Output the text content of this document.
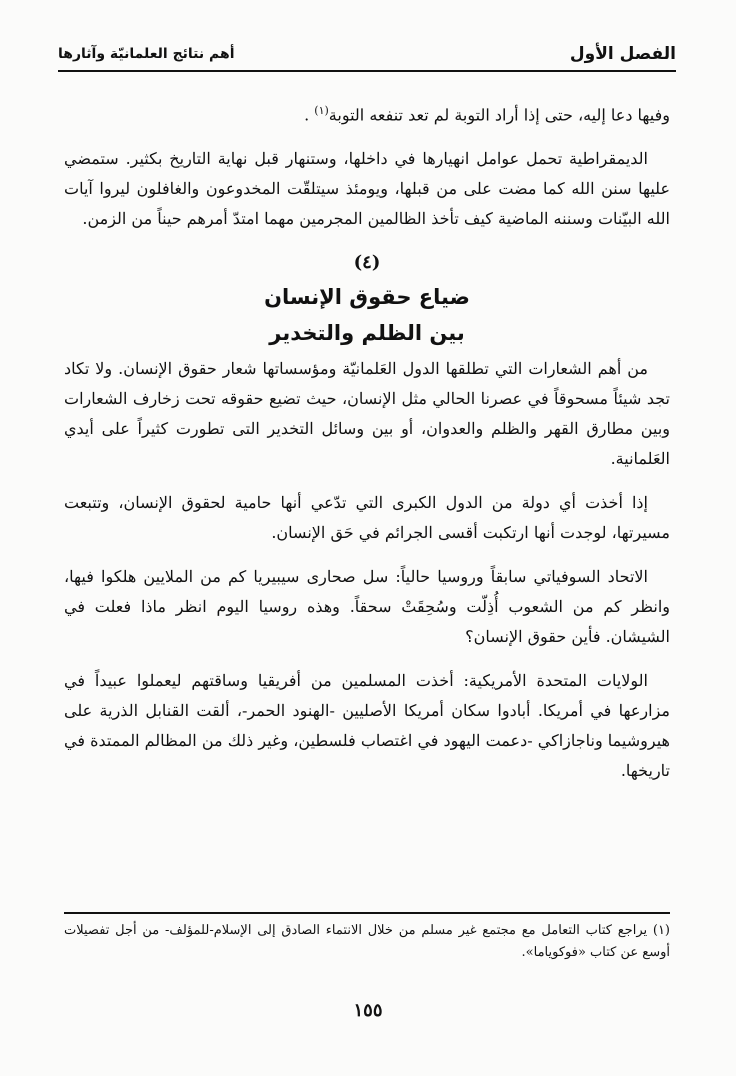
الفصل الأول
أهم نتائج العلمانيّة وآثارها

وفيها دعا إليه، حتى إذا أراد التوبة لم تعد تنفعه التوبة$^{(١)}$ .

الديمقراطية تحمل عوامل انهيارها في داخلها، وستنهار قبل نهاية التاريخ بكثير. ستمضي عليها سنن الله كما مضت على من قبلها، ويومئذ سيتلقّت المخدوعون والغافلون ليروا آيات الله البيّنات وسننه الماضية كيف تأخذ الظالمين المجرمين مهما امتدّ أمرهم حيناً من الزمن.

(٤)
ضياع حقوق الإنسان
بين الظلم والتخدير

من أهم الشعارات التي تطلقها الدول العَلمانيّة ومؤسساتها شعار حقوق الإنسان. ولا تكاد تجد شيئاً مسحوقاً في عصرنا الحالي مثل الإنسان، حيث تضيع حقوقه تحت زخارف الشعارات وبين مطارق القهر والظلم والعدوان، أو بين وسائل التخدير التى تطورت كثيراً على أيدي العَلمانية.

إذا أخذت أي دولة من الدول الكبرى التي تدّعي أنها حامية لحقوق الإنسان، وتتبعت مسيرتها، لوجدت أنها ارتكبت أقسى الجرائم في حَق الإنسان.

الاتحاد السوفياتي سابقاً وروسيا حالياً: سل صحارى سيبيريا كم من الملايين هلكوا فيها، وانظر كم من الشعوب أُذِلّت وسُحِقَتْ سحقاً. وهذه روسيا اليوم انظر ماذا فعلت في الشيشان. فأين حقوق الإنسان؟

الولايات المتحدة الأمريكية: أخذت المسلمين من أفريقيا وساقتهم ليعملوا عبيداً في مزارعها في أمريكا. أبادوا سكان أمريكا الأصليين -الهنود الحمر-، ألقت القنابل الذرية على هيروشيما وناجازاكي -دعمت اليهود في اغتصاب فلسطين، وغير ذلك من المظالم الممتدة في تاريخها.

(١) يراجع كتاب التعامل مع مجتمع غير مسلم من خلال الانتماء الصادق إلى الإسلام-للمؤلف- من أجل تفصيلات أوسع عن كتاب «فوكوياما».
١٥٥
